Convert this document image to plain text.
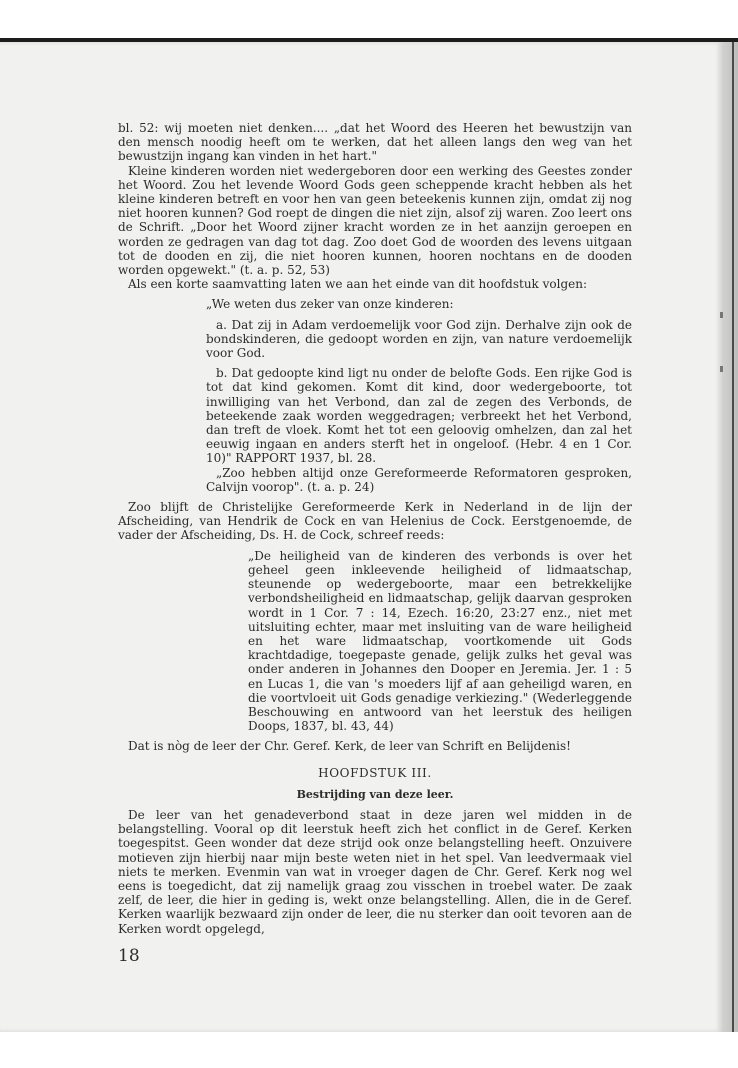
bl. 52: wij moeten niet denken.... „dat het Woord des Heeren het bewustzijn van den mensch noodig heeft om te werken, dat het alleen langs den weg van het bewustzijn ingang kan vinden in het hart."

Kleine kinderen worden niet wedergeboren door een werking des Geestes zonder het Woord. Zou het levende Woord Gods geen scheppende kracht hebben als het kleine kinderen betreft en voor hen van geen beteekenis kunnen zijn, omdat zij nog niet hooren kunnen? God roept de dingen die niet zijn, alsof zij waren. Zoo leert ons de Schrift. „Door het Woord zijner kracht worden ze in het aanzijn geroepen en worden ze gedragen van dag tot dag. Zoo doet God de woorden des levens uitgaan tot de dooden en zij, die niet hooren kunnen, hooren nochtans en de dooden worden opgewekt." (t. a. p. 52, 53)

Als een korte saamvatting laten we aan het einde van dit hoofdstuk volgen:

„We weten dus zeker van onze kinderen:

a. Dat zij in Adam verdoemelijk voor God zijn. Derhalve zijn ook de bondskinderen, die gedoopt worden en zijn, van nature verdoemelijk voor God.

b. Dat gedoopte kind ligt nu onder de belofte Gods. Een rijke God is tot dat kind gekomen. Komt dit kind, door wedergeboorte, tot inwilliging van het Verbond, dan zal de zegen des Verbonds, de beteekende zaak worden weggedragen; verbreekt het het Verbond, dan treft de vloek. Komt het tot een geloovig omhelzen, dan zal het eeuwig ingaan en anders sterft het in ongeloof. (Hebr. 4 en 1 Cor. 10)" RAPPORT 1937, bl. 28.

„Zoo hebben altijd onze Gereformeerde Reformatoren gesproken, Calvijn voorop". (t. a. p. 24)

Zoo blijft de Christelijke Gereformeerde Kerk in Nederland in de lijn der Afscheiding, van Hendrik de Cock en van Helenius de Cock. Eerstgenoemde, de vader der Afscheiding, Ds. H. de Cock, schreef reeds:

„De heiligheid van de kinderen des verbonds is over het geheel geen inkleevende heiligheid of lidmaatschap, steunende op wedergeboorte, maar een betrekkelijke verbondsheiligheid en lidmaatschap, gelijk daarvan gesproken wordt in 1 Cor. 7 : 14, Ezech. 16:20, 23:27 enz., niet met uitsluiting echter, maar met insluiting van de ware heiligheid en het ware lidmaatschap, voortkomende uit Gods krachtdadige, toegepaste genade, gelijk zulks het geval was onder anderen in Johannes den Dooper en Jeremia. Jer. 1 : 5 en Lucas 1, die van 's moeders lijf af aan geheiligd waren, en die voortvloeit uit Gods genadige verkiezing." (Wederleggende Beschouwing en antwoord van het leerstuk des heiligen Doops, 1837, bl. 43, 44)

Dat is nòg de leer der Chr. Geref. Kerk, de leer van Schrift en Belijdenis!

HOOFDSTUK III.

Bestrijding van deze leer.

De leer van het genadeverbond staat in deze jaren wel midden in de belangstelling. Vooral op dit leerstuk heeft zich het conflict in de Geref. Kerken toegespitst. Geen wonder dat deze strijd ook onze belangstelling heeft. Onzuivere motieven zijn hierbij naar mijn beste weten niet in het spel. Van leedvermaak viel niets te merken. Evenmin van wat in vroeger dagen de Chr. Geref. Kerk nog wel eens is toegedicht, dat zij namelijk graag zou visschen in troebel water. De zaak zelf, de leer, die hier in geding is, wekt onze belangstelling. Allen, die in de Geref. Kerken waarlijk bezwaard zijn onder de leer, die nu sterker dan ooit tevoren aan de Kerken wordt opgelegd,

18
